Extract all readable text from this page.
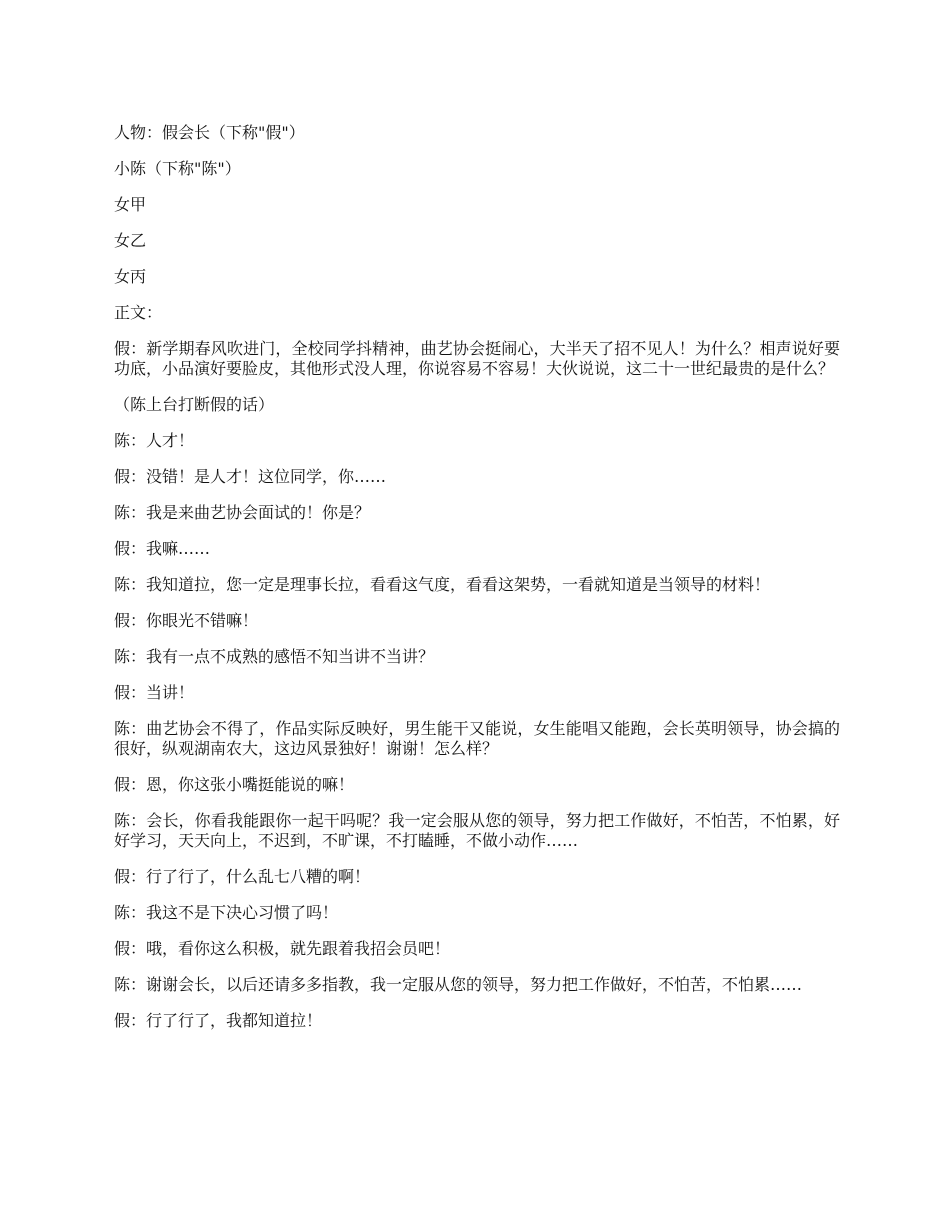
人物：假会长（下称"假"）

小陈（下称"陈"）

女甲

女乙

女丙

正文：

假：新学期春风吹进门，全校同学抖精神，曲艺协会挺闹心，大半天了招不见人！为什么？相声说好要功底，小品演好要脸皮，其他形式没人理，你说容易不容易！大伙说说，这二十一世纪最贵的是什么？

（陈上台打断假的话）

陈：人才！

假：没错！是人才！这位同学，你……

陈：我是来曲艺协会面试的！你是？

假：我嘛……

陈：我知道拉，您一定是理事长拉，看看这气度，看看这架势，一看就知道是当领导的材料！

假：你眼光不错嘛！

陈：我有一点不成熟的感悟不知当讲不当讲？

假：当讲！

陈：曲艺协会不得了，作品实际反映好，男生能干又能说，女生能唱又能跑，会长英明领导，协会搞的很好，纵观湖南农大，这边风景独好！谢谢！怎么样？

假：恩，你这张小嘴挺能说的嘛！

陈：会长，你看我能跟你一起干吗呢？我一定会服从您的领导，努力把工作做好，不怕苦，不怕累，好好学习，天天向上，不迟到，不旷课，不打瞌睡，不做小动作……

假：行了行了，什么乱七八糟的啊！

陈：我这不是下决心习惯了吗！

假：哦，看你这么积极，就先跟着我招会员吧！

陈：谢谢会长，以后还请多多指教，我一定服从您的领导，努力把工作做好，不怕苦，不怕累……

假：行了行了，我都知道拉！
